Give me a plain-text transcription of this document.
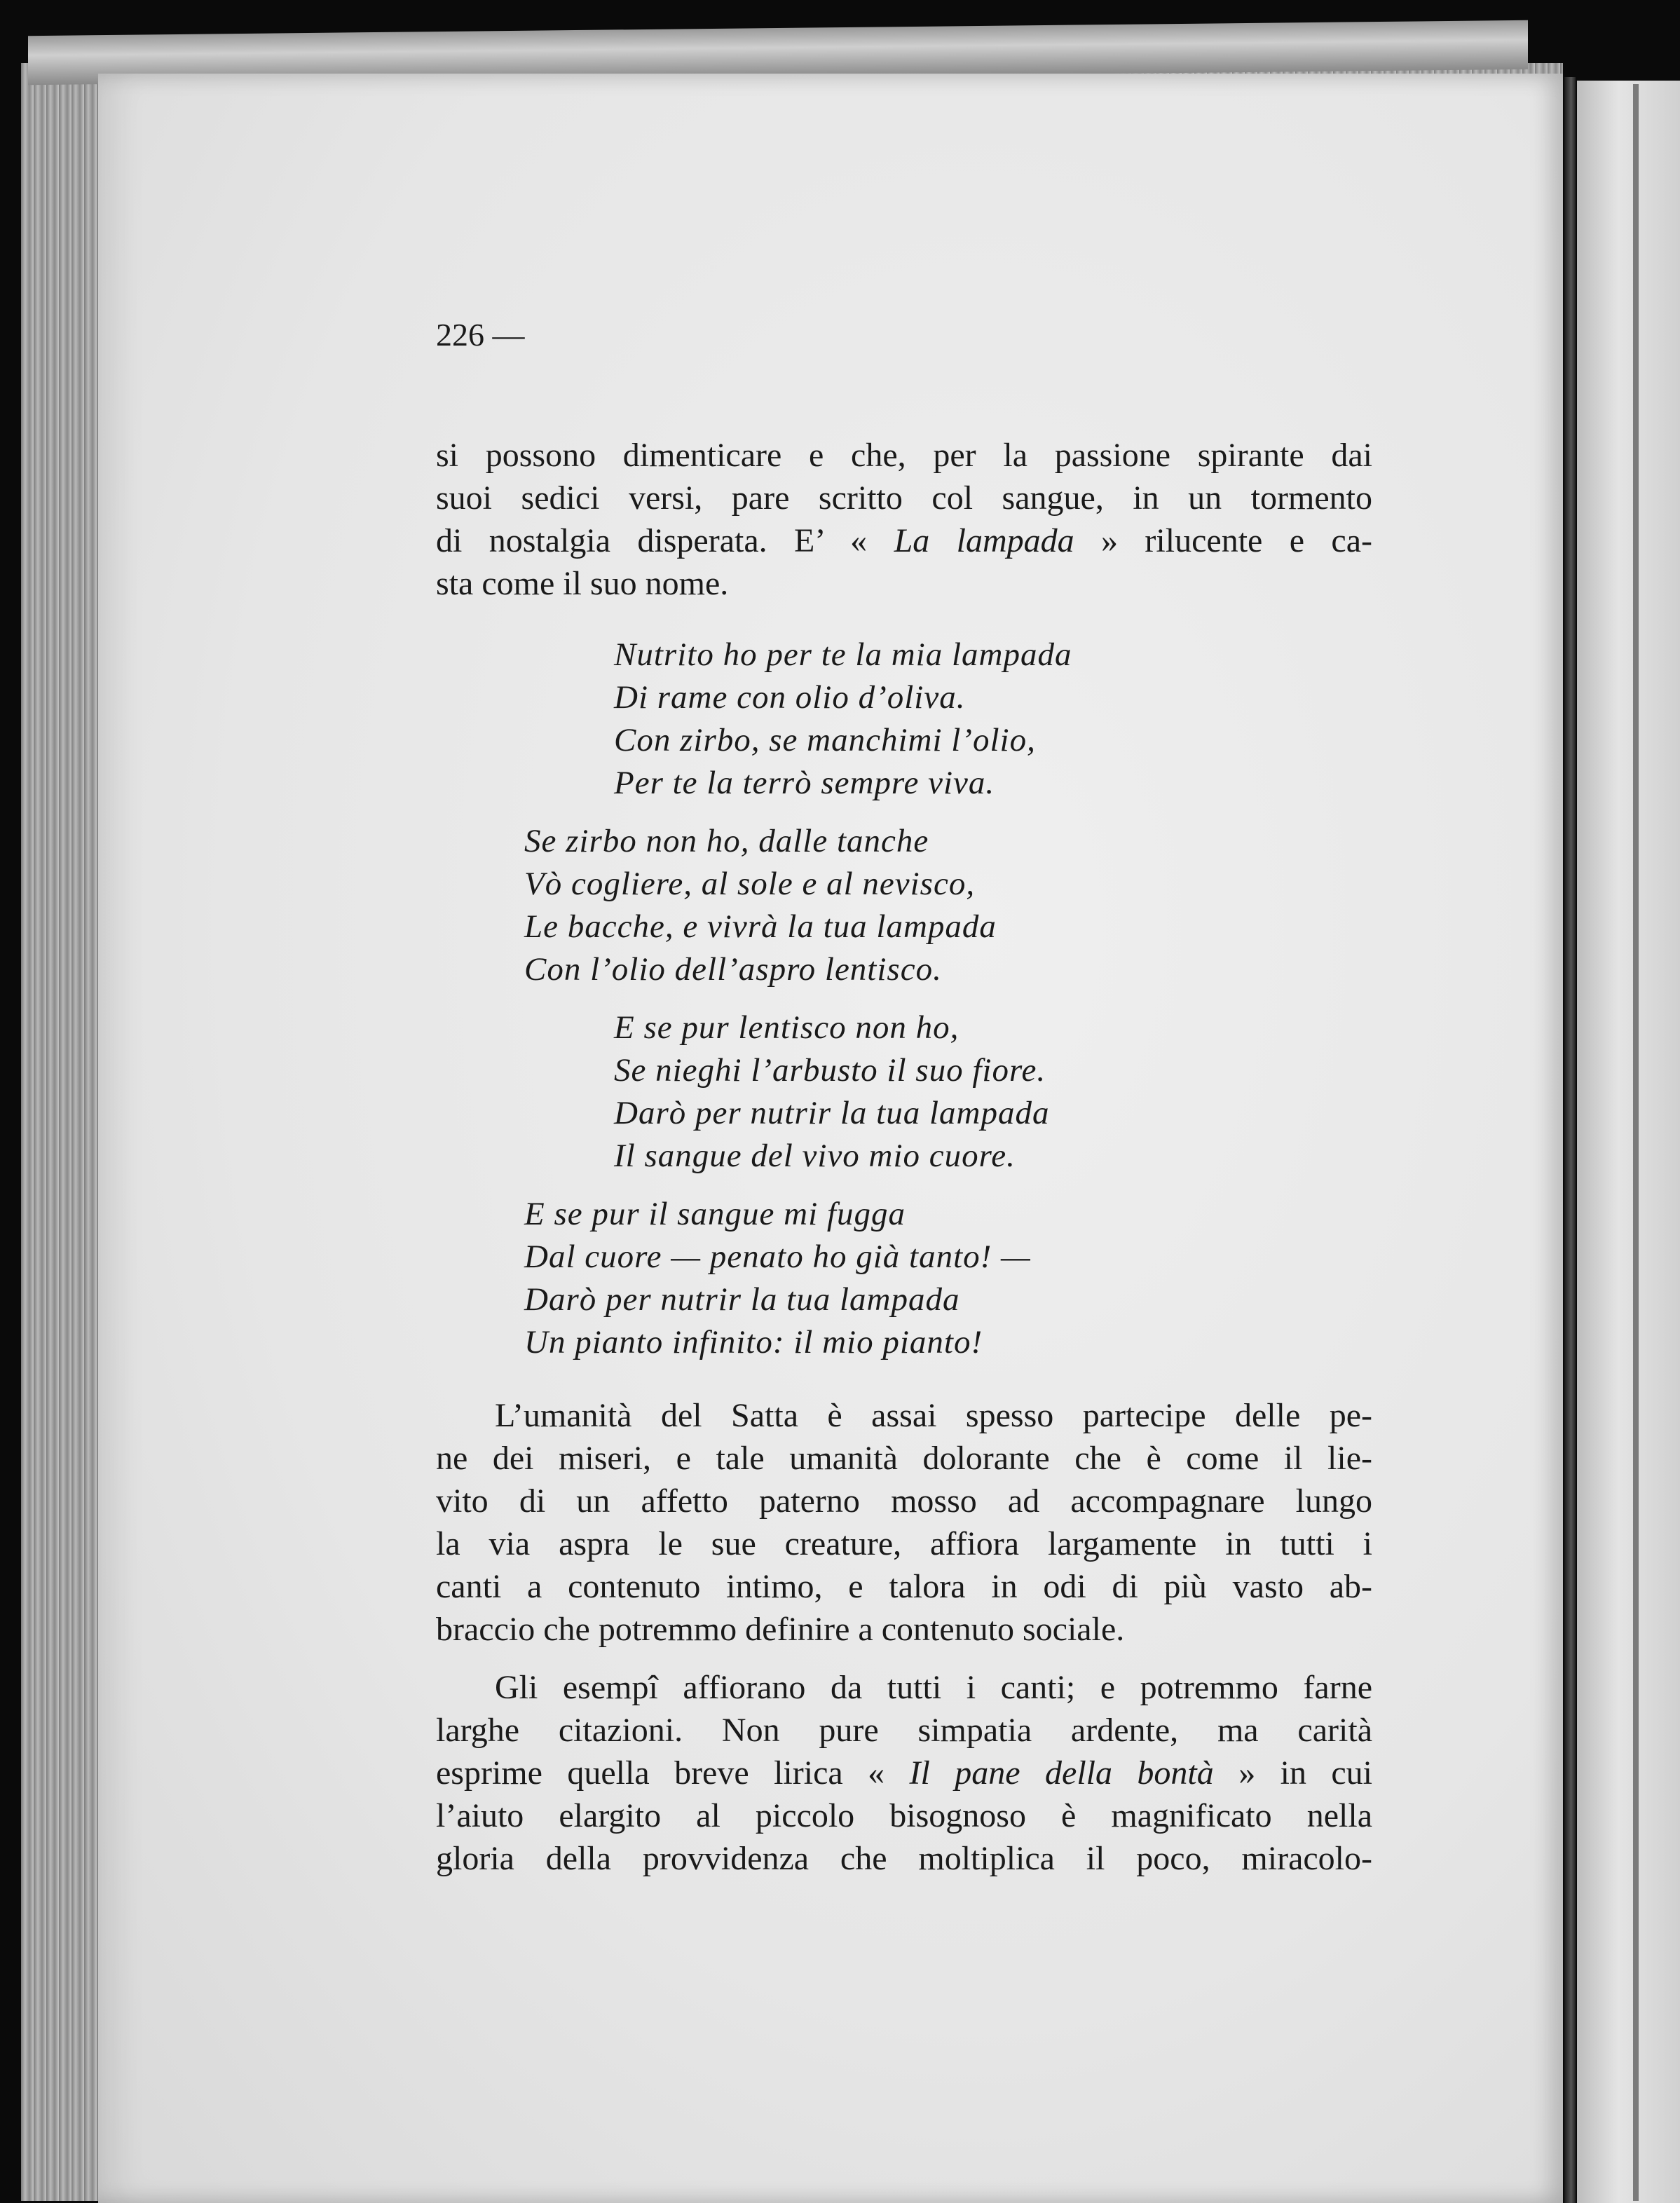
226 —
si possono dimenticare e che, per la passione spirante dai
suoi sedici versi, pare scritto col sangue, in un tormento
di nostalgia disperata. E’ « La lampada » rilucente e ca-
sta come il suo nome.
Nutrito ho per te la mia lampada
Di rame con olio d’oliva.
Con zirbo, se manchimi l’olio,
Per te la terrò sempre viva.
Se zirbo non ho, dalle tanche
Vò cogliere, al sole e al nevisco,
Le bacche, e vivrà la tua lampada
Con l’olio dell’aspro lentisco.
E se pur lentisco non ho,
Se nieghi l’arbusto il suo fiore.
Darò per nutrir la tua lampada
Il sangue del vivo mio cuore.
E se pur il sangue mi fugga
Dal cuore — penato ho già tanto! —
Darò per nutrir la tua lampada
Un pianto infinito: il mio pianto!
L’umanità del Satta è assai spesso partecipe delle pe-
ne dei miseri, e tale umanità dolorante che è come il lie-
vito di un affetto paterno mosso ad accompagnare lungo
la via aspra le sue creature, affiora largamente in tutti i
canti a contenuto intimo, e talora in odi di più vasto ab-
braccio che potremmo definire a contenuto sociale.
Gli esempî affiorano da tutti i canti; e potremmo farne
larghe citazioni. Non pure simpatia ardente, ma carità
esprime quella breve lirica « Il pane della bontà » in cui
l’aiuto elargito al piccolo bisognoso è magnificato nella
gloria della provvidenza che moltiplica il poco, miracolo-
